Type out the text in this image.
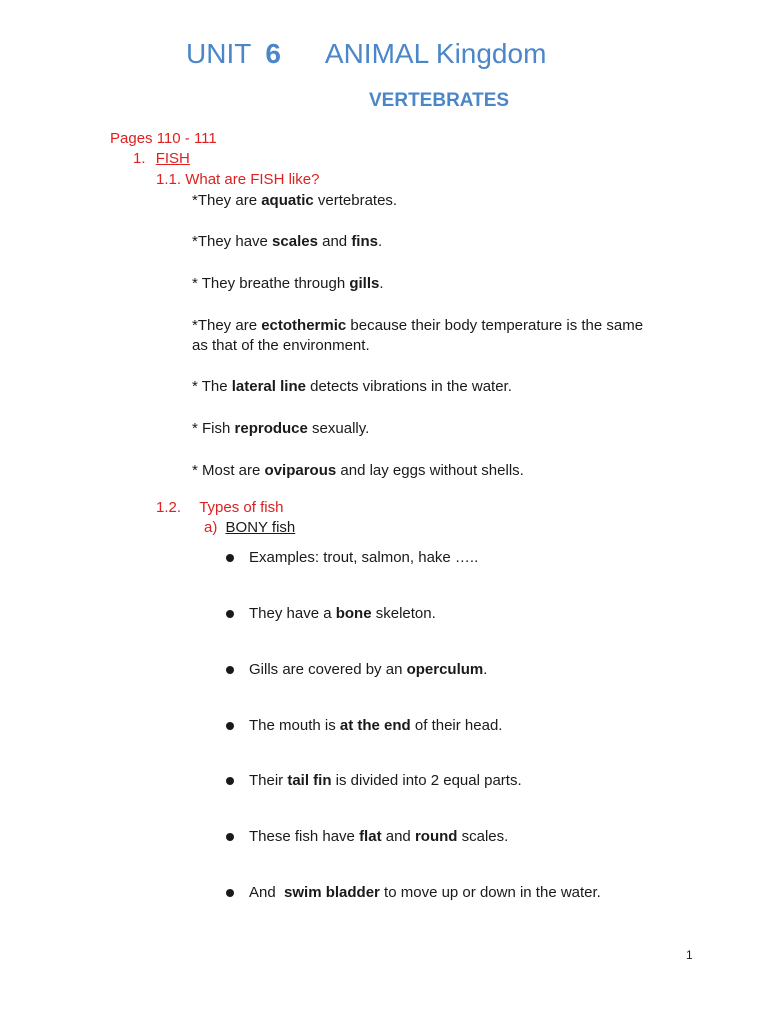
UNIT 6 ANIMAL Kingdom
VERTEBRATES
Pages 110 - 111
1. FISH
1.1. What are FISH like?
*They are aquatic vertebrates.
*They have scales and fins.
* They breathe through gills.
*They are ectothermic because their body temperature is the same
as that of the environment.
* The lateral line detects vibrations in the water.
* Fish reproduce sexually.
* Most are oviparous and lay eggs without shells.
1.2. Types of fish
a) BONY fish
Examples: trout, salmon, hake …..
They have a bone skeleton.
Gills are covered by an operculum.
The mouth is at the end of their head.
Their tail fin is divided into 2 equal parts.
These fish have flat and round scales.
And  swim bladder to move up or down in the water.
1
